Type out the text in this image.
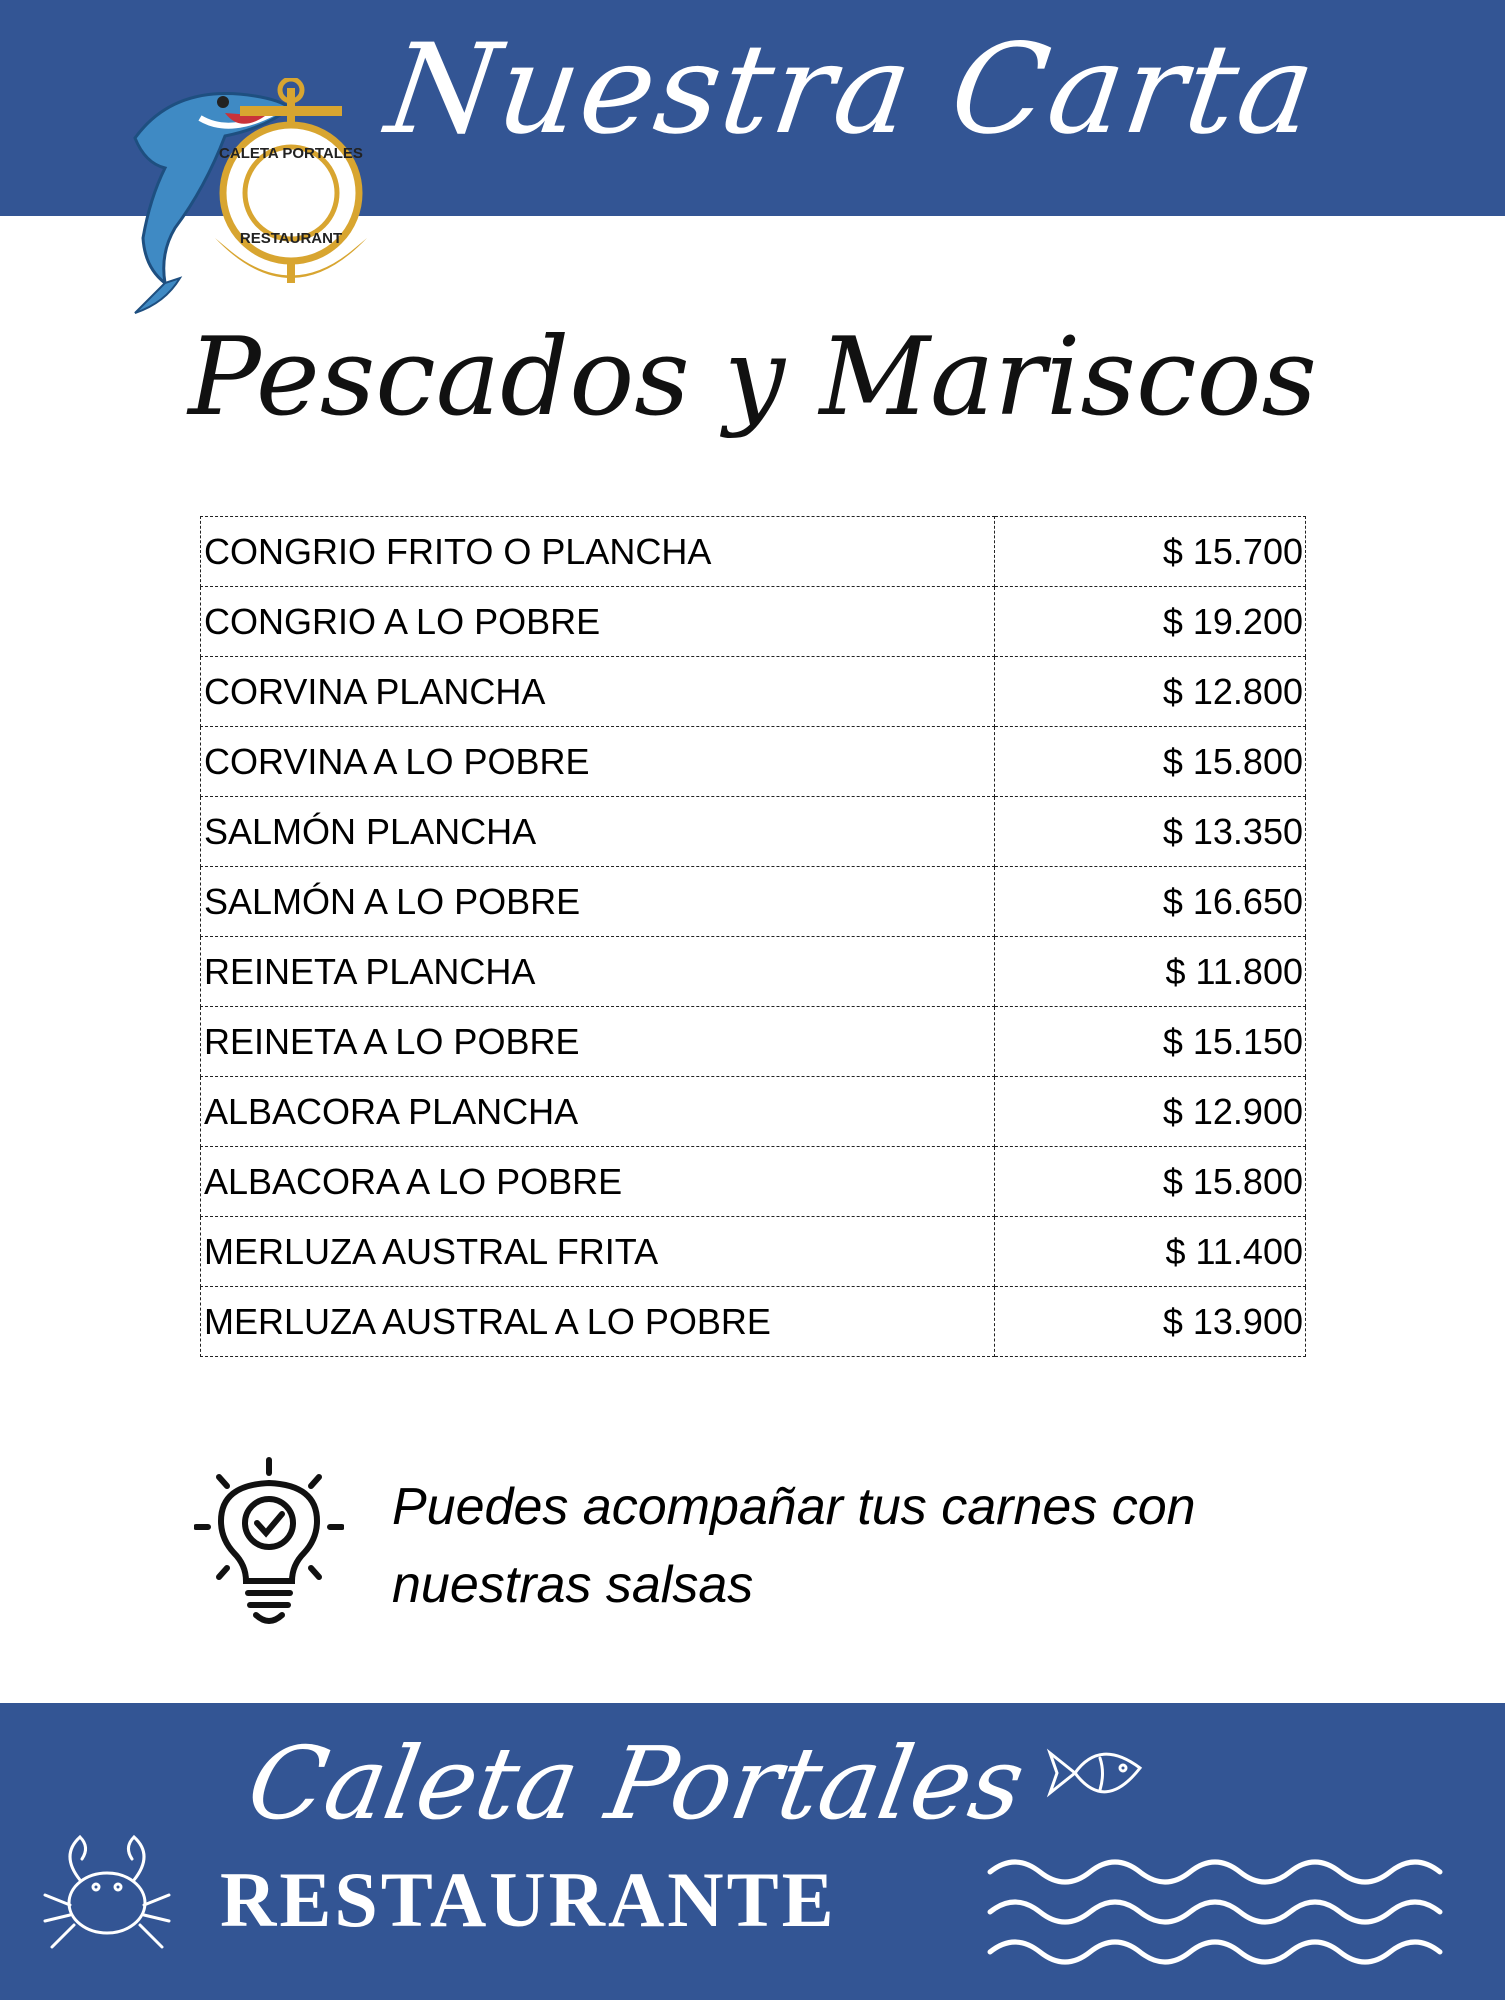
Nuestra Carta
CALETA PORTALES
RESTAURANT
Pescados y Mariscos
CONGRIO FRITO O PLANCHA	$ 15.700
CONGRIO A LO POBRE	$ 19.200
CORVINA PLANCHA	$ 12.800
CORVINA A LO POBRE	$ 15.800
SALMÓN PLANCHA	$ 13.350
SALMÓN A LO POBRE	$ 16.650
REINETA PLANCHA	$ 11.800
REINETA A LO POBRE	$ 15.150
ALBACORA PLANCHA	$ 12.900
ALBACORA A LO POBRE	$ 15.800
MERLUZA AUSTRAL FRITA	$ 11.400
MERLUZA AUSTRAL A LO POBRE	$ 13.900
Puedes acompañar tus carnes con nuestras salsas
Caleta Portales
RESTAURANTE
